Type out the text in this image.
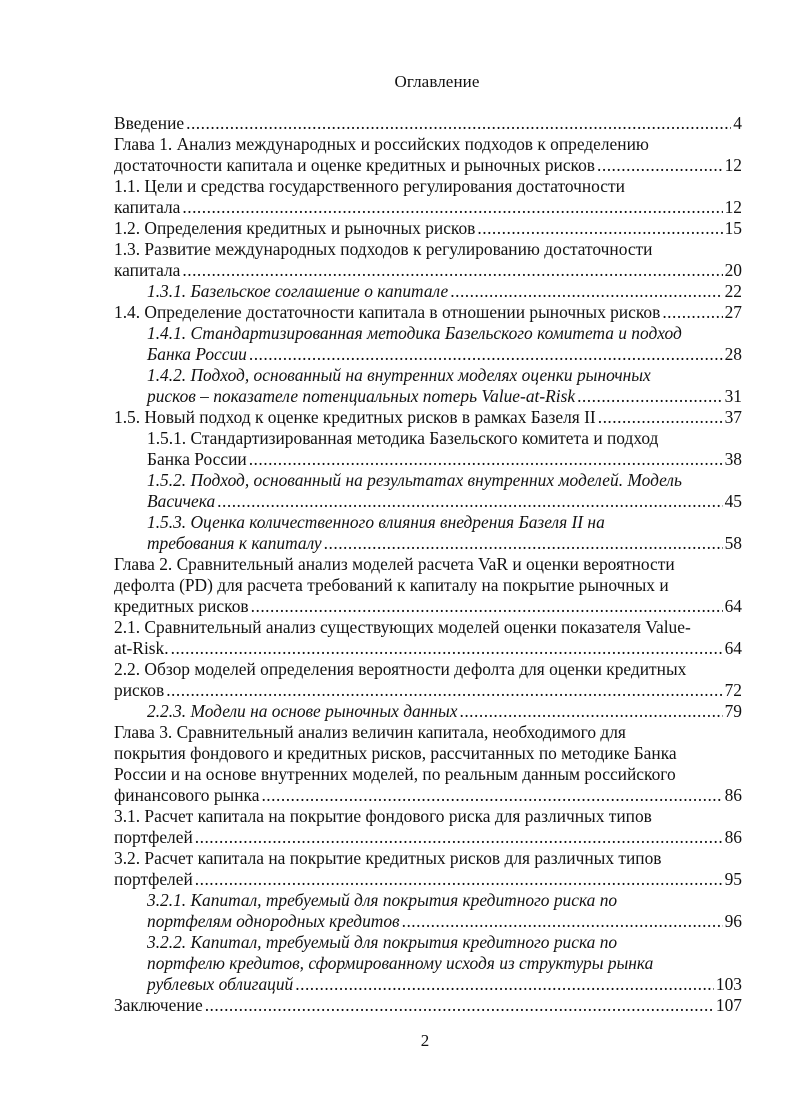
Оглавление
Введение .....	4
Глава 1. Анализ международных и российских подходов к определению
достаточности капитала и оценке кредитных и рыночных рисков .....	12
1.1. Цели и средства государственного регулирования достаточности
капитала .....	12
1.2. Определения кредитных и рыночных рисков .....	15
1.3. Развитие международных подходов к регулированию достаточности
капитала .....	20
1.3.1. Базельское соглашение о капитале .....	22
1.4. Определение достаточности капитала в отношении рыночных рисков .....	27
1.4.1. Стандартизированная методика Базельского комитета и подход
Банка России .....	28
1.4.2. Подход, основанный на внутренних моделях оценки рыночных
рисков – показателе потенциальных потерь Value-at-Risk .....	31
1.5. Новый подход к оценке кредитных рисков в рамках Базеля II .....	37
1.5.1. Стандартизированная методика Базельского комитета и подход
Банка России .....	38
1.5.2. Подход, основанный на результатах внутренних моделей. Модель
Васичека .....	45
1.5.3. Оценка количественного влияния внедрения Базеля II на
требования к капиталу .....	58
Глава 2. Сравнительный анализ моделей расчета VaR и оценки вероятности
дефолта (PD) для расчета требований к капиталу на покрытие рыночных и
кредитных рисков .....	64
2.1. Сравнительный анализ существующих моделей оценки показателя Value-
at-Risk. .....	64
2.2. Обзор моделей определения вероятности дефолта для оценки кредитных
рисков .....	72
2.2.3. Модели на основе рыночных данных .....	79
Глава 3. Сравнительный анализ величин капитала, необходимого для
покрытия фондового и кредитных рисков, рассчитанных по методике Банка
России и на основе внутренних моделей, по реальным данным российского
финансового рынка .....	86
3.1. Расчет капитала на покрытие фондового риска для различных типов
портфелей .....	86
3.2. Расчет капитала на покрытие кредитных рисков для различных типов
портфелей .....	95
3.2.1. Капитал, требуемый для покрытия кредитного риска по
портфелям однородных кредитов .....	96
3.2.2. Капитал, требуемый для покрытия кредитного риска по
портфелю кредитов, сформированному исходя из структуры рынка
рублевых облигаций .....	103
Заключение .....	107
2
